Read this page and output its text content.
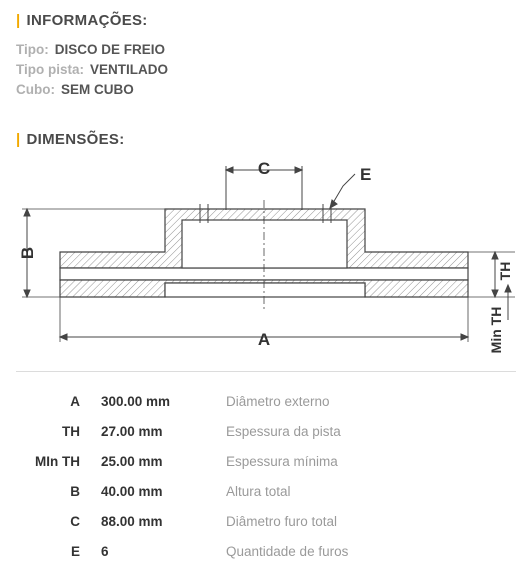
| INFORMAÇÕES:
Tipo: DISCO DE FREIO
Tipo pista: VENTILADO
Cubo: SEM CUBO
| DIMENSÕES:
C	E
B
A
TH
Min TH
A 300.00 mm	Diâmetro externo
TH 27.00 mm	Espessura da pista
MIn TH 25.00 mm	Espessura mínima
B 40.00 mm	Altura total
C 88.00 mm	Diâmetro furo total
E 6	Quantidade de furos
